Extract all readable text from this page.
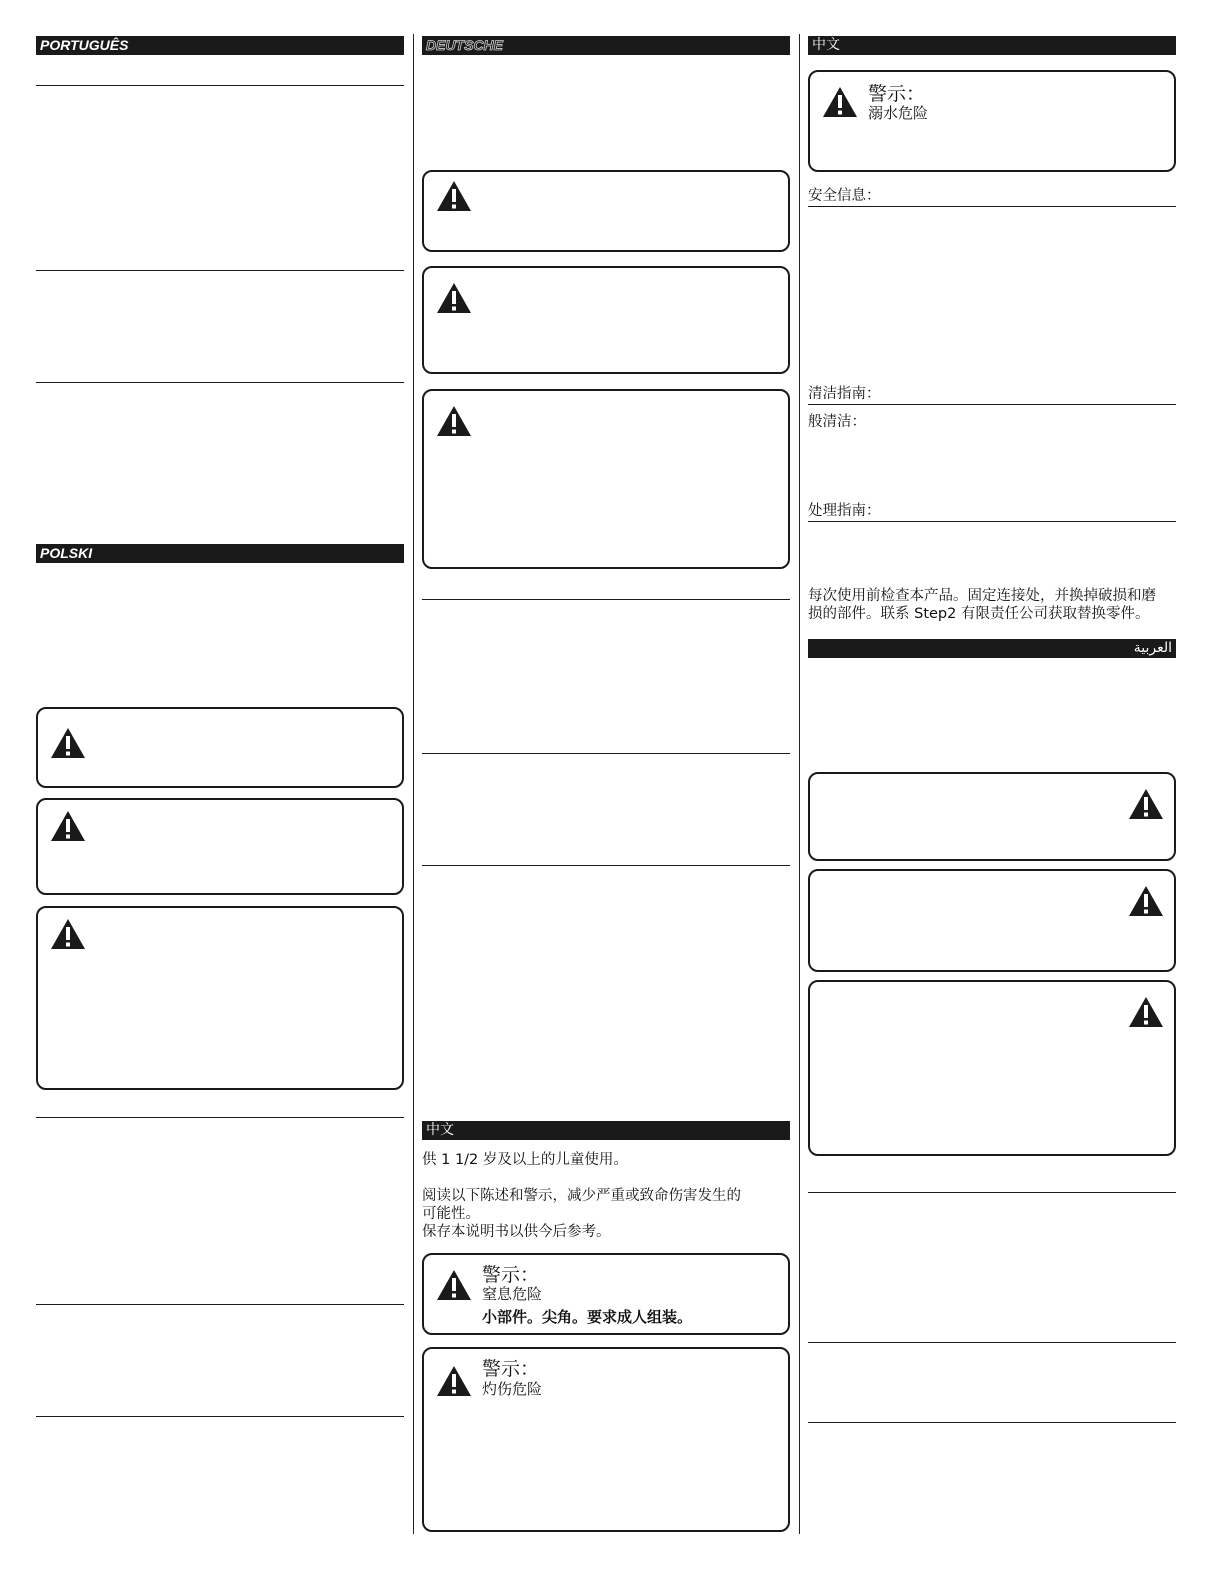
PORTUGUÊS
POLSKI
DEUTSCHE
中文
供 1 1/2 岁及以上的儿童使用。
阅读以下陈述和警示，减少严重或致命伤害发生的
可能性。
保存本说明书以供今后参考。
警示：
窒息危险
小部件。尖角。要求成人组装。
警示：
灼伤危险
中文
警示：
溺水危险
安全信息：
清洁指南：
般清洁：
处理指南：
每次使用前检查本产品。固定连接处，并换掉破损和磨
损的部件。联系 Step2 有限责任公司获取替换零件。
العربية
